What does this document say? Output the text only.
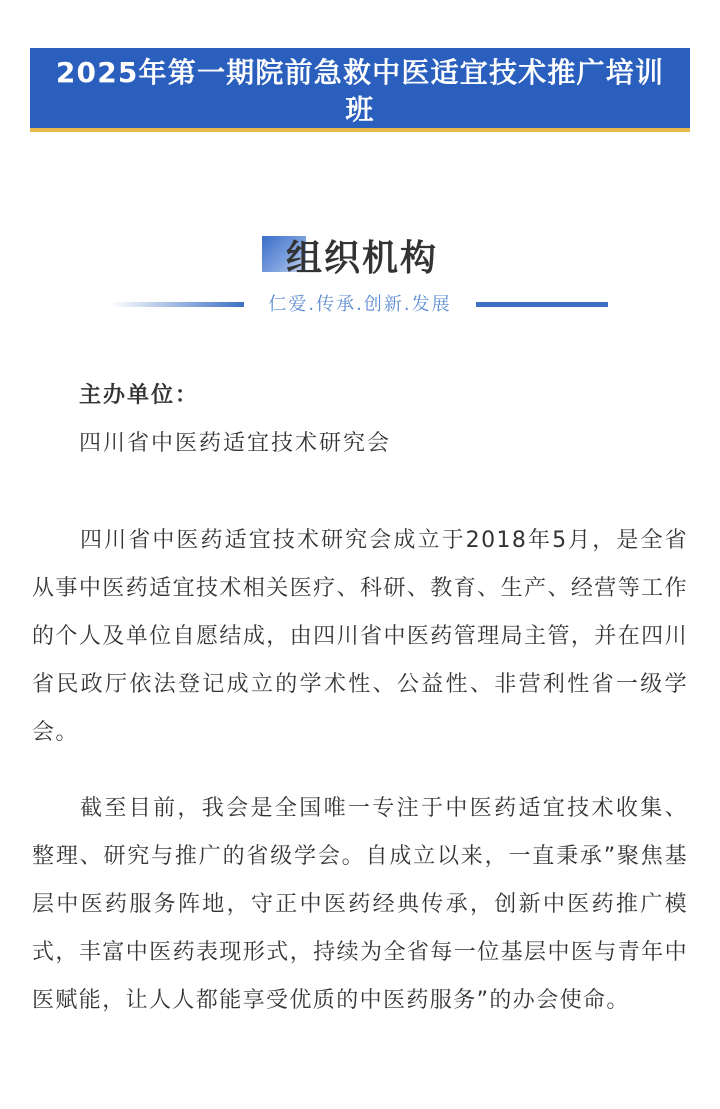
2025年第一期院前急救中医适宜技术推广培训班
组织机构
仁爱.传承.创新.发展

主办单位：

四川省中医药适宜技术研究会

四川省中医药适宜技术研究会成立于2018年5月，是全省从事中医药适宜技术相关医疗、科研、教育、生产、经营等工作的个人及单位自愿结成，由四川省中医药管理局主管，并在四川省民政厅依法登记成立的学术性、公益性、非营利性省一级学会。

截至目前，我会是全国唯一专注于中医药适宜技术收集、整理、研究与推广的省级学会。自成立以来，一直秉承”聚焦基层中医药服务阵地，守正中医药经典传承，创新中医药推广模式，丰富中医药表现形式，持续为全省每一位基层中医与青年中医赋能，让人人都能享受优质的中医药服务”的办会使命。
